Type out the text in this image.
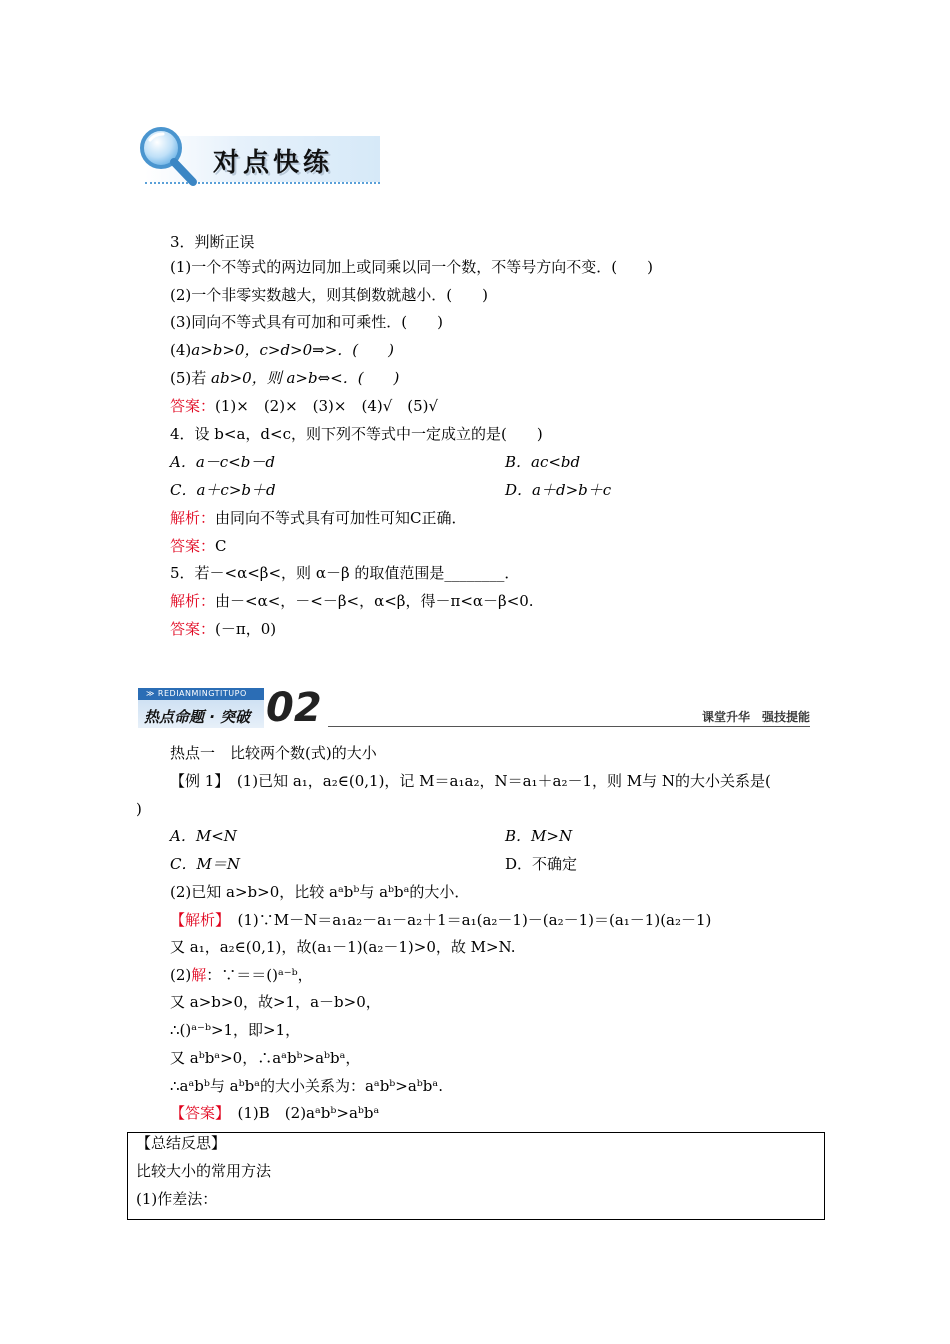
对点快练
3．判断正误
(1)一个不等式的两边同加上或同乘以同一个数，不等号方向不变．(　　)
(2)一个非零实数越大，则其倒数就越小．(　　)
(3)同向不等式具有可加和可乘性．(　　)
(4)a>b>0，c>d>0⇒>．(　　)
(5)若 ab>0，则 a>b⇔<．(　　)
答案：(1)×　(2)×　(3)×　(4)√　(5)√
4．设 b<a，d<c，则下列不等式中一定成立的是(　　)
A．a－c<b－d	B．ac<bd
C．a＋c>b＋d	D．a＋d>b＋c
解析：由同向不等式具有可加性可知C正确．
答案：C
5．若－<α<β<，则 α－β 的取值范围是________．
解析：由－<α<，－<－β<，α<β，得－π<α－β<0.
答案：(－π，0)
≫ REDIANMINGTITUPO
热点命题 · 突破 02	课堂升华　强技提能
热点一　比较两个数(式)的大小
【例 1】　 (1)已知 a₁，a₂∈(0,1)，记 M＝a₁a₂，N＝a₁＋a₂－1，则 M与 N的大小关系是(
)
A．M<N	B．M>N
C．M＝N	D．不确定
(2)已知 a>b>0，比较 aᵃbᵇ与 aᵇbᵃ的大小．
【解析】　 (1)∵M－N＝a₁a₂－a₁－a₂＋1＝a₁(a₂－1)－(a₂－1)＝(a₁－1)(a₂－1)
又 a₁，a₂∈(0,1)，故(a₁－1)(a₂－1)>0，故 M>N.
(2)解：∵＝＝()ᵃ⁻ᵇ，
又 a>b>0，故>1，a－b>0，
∴()ᵃ⁻ᵇ>1，即>1，
又 aᵇbᵃ>0，∴aᵃbᵇ>aᵇbᵃ，
∴aᵃbᵇ与 aᵇbᵃ的大小关系为：aᵃbᵇ>aᵇbᵃ.
【答案】　 (1)B　(2)aᵃbᵇ>aᵇbᵃ
【总结反思】
比较大小的常用方法
(1)作差法：
